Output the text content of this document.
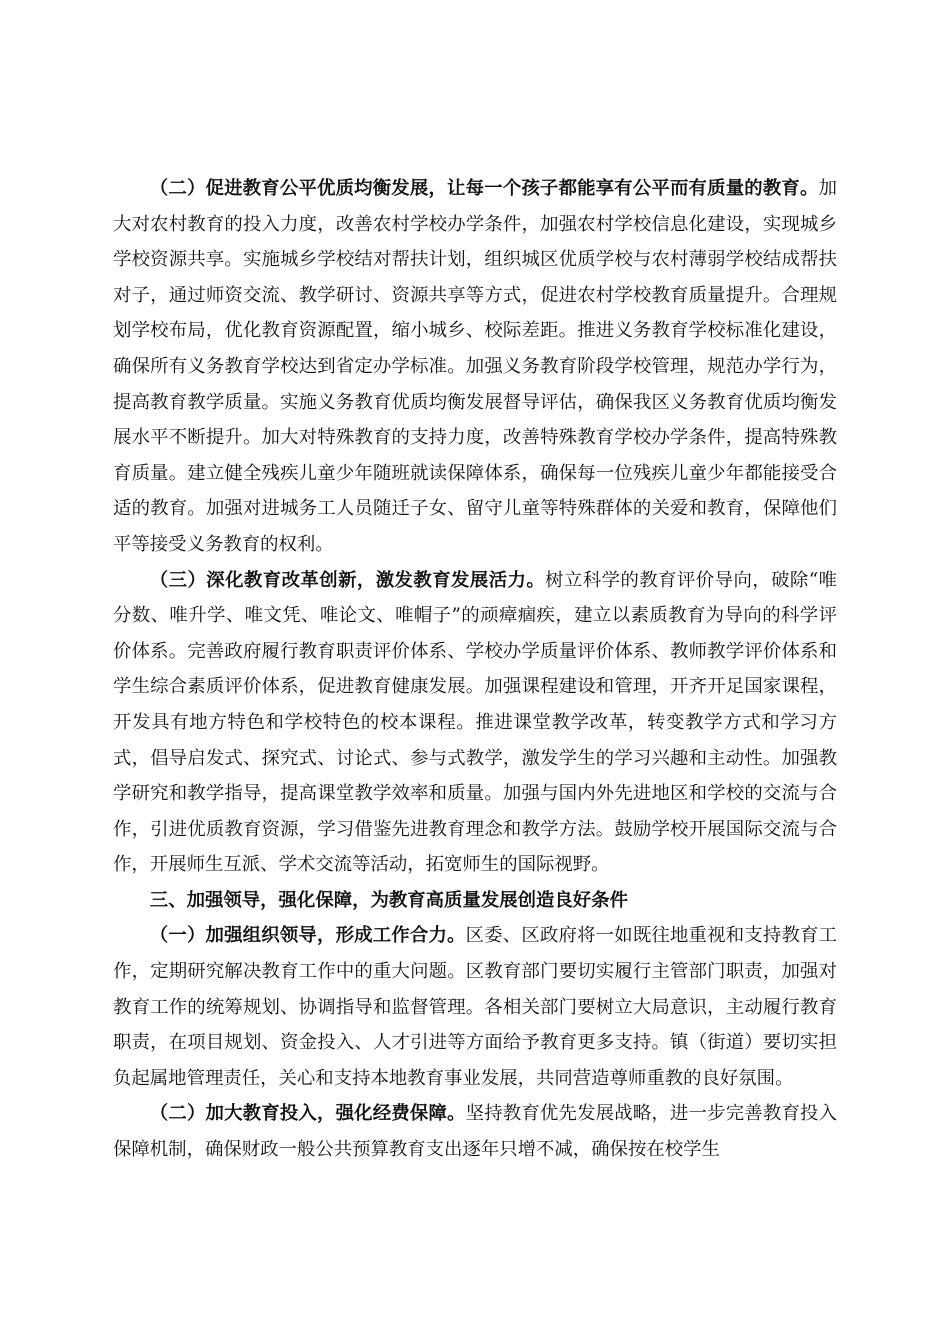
（二）促进教育公平优质均衡发展，让每一个孩子都能享有公平而有质量的教育。加大对农村教育的投入力度，改善农村学校办学条件，加强农村学校信息化建设，实现城乡学校资源共享。实施城乡学校结对帮扶计划，组织城区优质学校与农村薄弱学校结成帮扶对子，通过师资交流、教学研讨、资源共享等方式，促进农村学校教育质量提升。合理规划学校布局，优化教育资源配置，缩小城乡、校际差距。推进义务教育学校标准化建设，确保所有义务教育学校达到省定办学标准。加强义务教育阶段学校管理，规范办学行为，提高教育教学质量。实施义务教育优质均衡发展督导评估，确保我区义务教育优质均衡发展水平不断提升。加大对特殊教育的支持力度，改善特殊教育学校办学条件，提高特殊教育质量。建立健全残疾儿童少年随班就读保障体系，确保每一位残疾儿童少年都能接受合适的教育。加强对进城务工人员随迁子女、留守儿童等特殊群体的关爱和教育，保障他们平等接受义务教育的权利。

（三）深化教育改革创新，激发教育发展活力。树立科学的教育评价导向，破除“唯分数、唯升学、唯文凭、唯论文、唯帽子”的顽瘴痼疾，建立以素质教育为导向的科学评价体系。完善政府履行教育职责评价体系、学校办学质量评价体系、教师教学评价体系和学生综合素质评价体系，促进教育健康发展。加强课程建设和管理，开齐开足国家课程，开发具有地方特色和学校特色的校本课程。推进课堂教学改革，转变教学方式和学习方式，倡导启发式、探究式、讨论式、参与式教学，激发学生的学习兴趣和主动性。加强教学研究和教学指导，提高课堂教学效率和质量。加强与国内外先进地区和学校的交流与合作，引进优质教育资源，学习借鉴先进教育理念和教学方法。鼓励学校开展国际交流与合作，开展师生互派、学术交流等活动，拓宽师生的国际视野。

三、加强领导，强化保障，为教育高质量发展创造良好条件

（一）加强组织领导，形成工作合力。区委、区政府将一如既往地重视和支持教育工作，定期研究解决教育工作中的重大问题。区教育部门要切实履行主管部门职责，加强对教育工作的统筹规划、协调指导和监督管理。各相关部门要树立大局意识，主动履行教育职责，在项目规划、资金投入、人才引进等方面给予教育更多支持。镇（街道）要切实担负起属地管理责任，关心和支持本地教育事业发展，共同营造尊师重教的良好氛围。

（二）加大教育投入，强化经费保障。坚持教育优先发展战略，进一步完善教育投入保障机制，确保财政一般公共预算教育支出逐年只增不减，确保按在校学生
